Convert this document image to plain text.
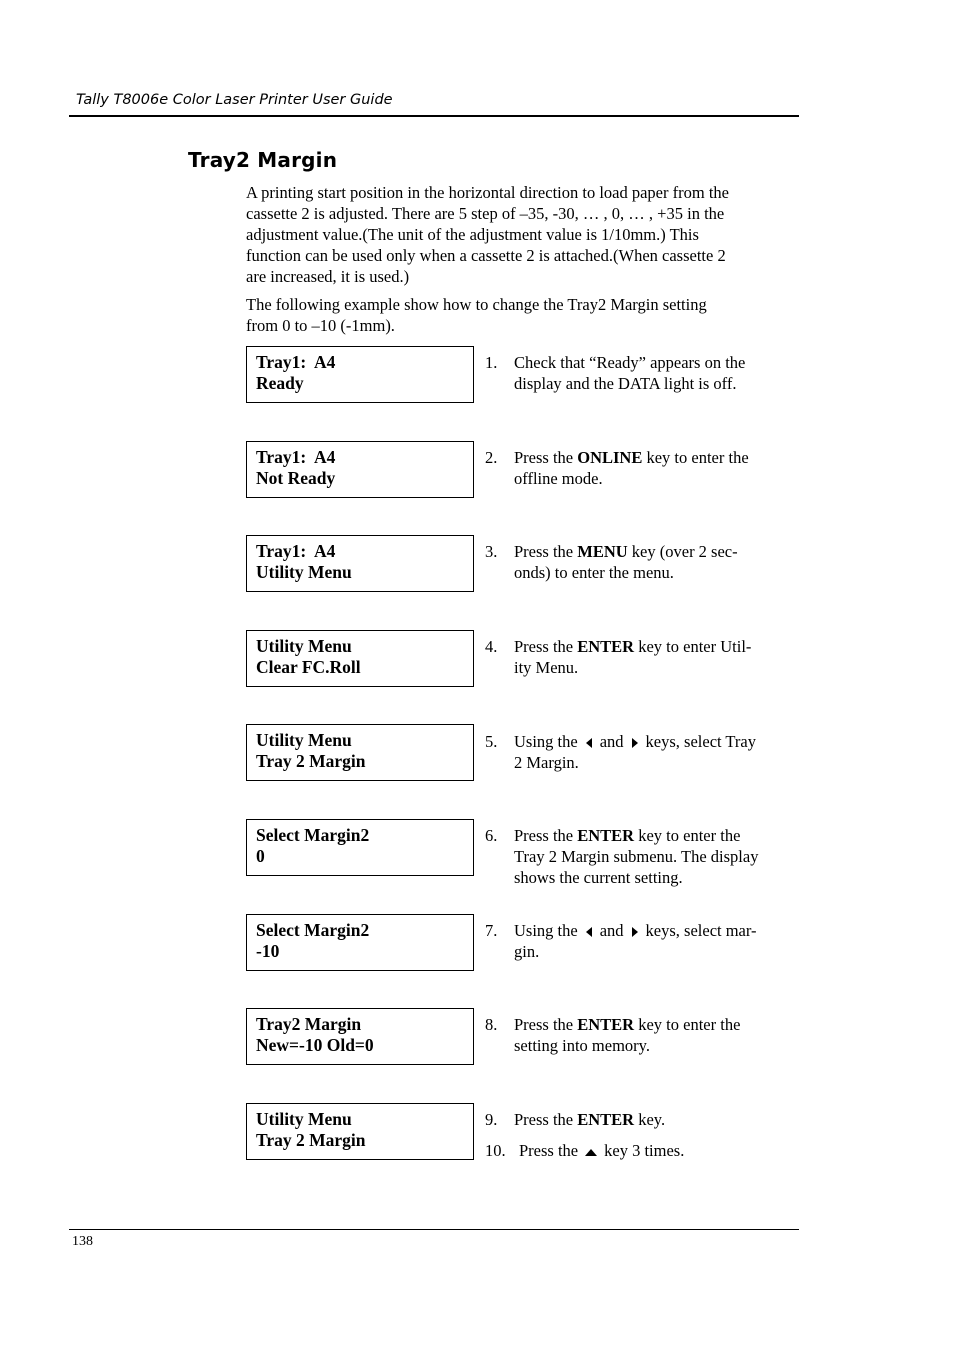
Tally T8006e Color Laser Printer User Guide
Tray2 Margin

A printing start position in the horizontal direction to load paper from the
cassette 2 is adjusted. There are 5 step of –35, -30, … , 0, … , +35 in the
adjustment value.(The unit of the adjustment value is 1/10mm.) This
function can be used only when a cassette 2 is attached.(When cassette 2
are increased, it is used.)

The following example show how to change the Tray2 Margin setting
from 0 to –10 (-1mm).

Tray1:  A4
Ready
Tray1:  A4
Not Ready
Tray1:  A4
Utility Menu
Utility Menu
Clear FC.Roll
Utility Menu
Tray 2 Margin
Select Margin2
0
Select Margin2
-10
Tray2 Margin
New=-10 Old=0
Utility Menu
Tray 2 Margin
1. Check that “Ready” appears on the
display and the DATA light is off.
2. Press the ONLINE key to enter the
offline mode.
3. Press the MENU key (over 2 sec-
onds) to enter the menu.
4. Press the ENTER key to enter Util-
ity Menu.
5. Using the and keys, select Tray
2 Margin.
6. Press the ENTER key to enter the
Tray 2 Margin submenu. The display
shows the current setting.
7. Using the and keys, select mar-
gin.
8. Press the ENTER key to enter the
setting into memory.
9. Press the ENTER key.
10. Press the key 3 times.
138
